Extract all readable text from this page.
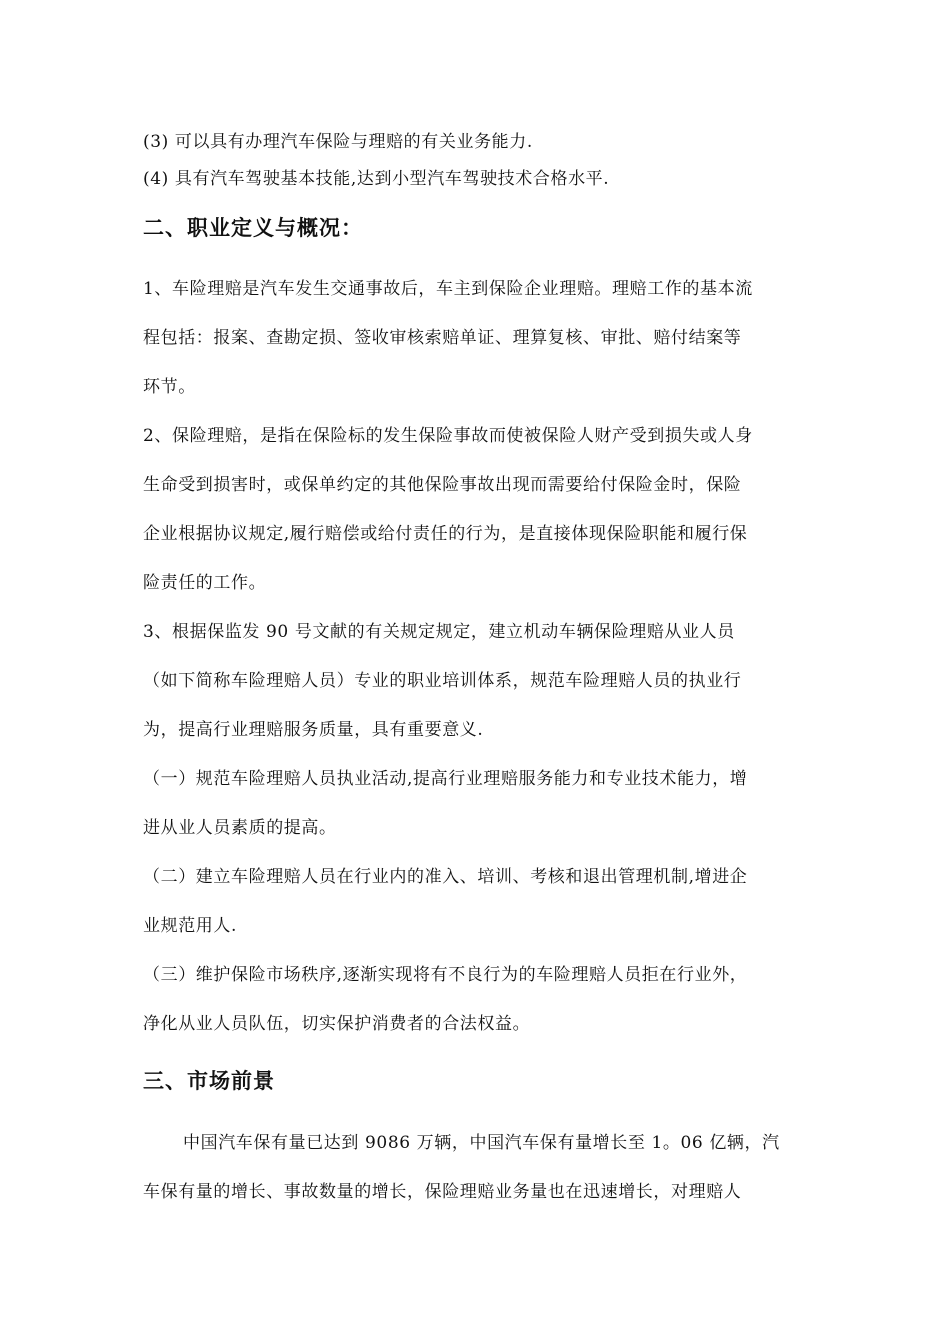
(3) 可以具有办理汽车保险与理赔的有关业务能力.
(4) 具有汽车驾驶基本技能,达到小型汽车驾驶技术合格水平.
二、职业定义与概况：
1、车险理赔是汽车发生交通事故后，车主到保险企业理赔。理赔工作的基本流
程包括：报案、查勘定损、签收审核索赔单证、理算复核、审批、赔付结案等
环节。
2、保险理赔，是指在保险标的发生保险事故而使被保险人财产受到损失或人身
生命受到损害时，或保单约定的其他保险事故出现而需要给付保险金时，保险
企业根据协议规定,履行赔偿或给付责任的行为，是直接体现保险职能和履行保
险责任的工作。
3、根据保监发 90 号文献的有关规定规定，建立机动车辆保险理赔从业人员
（如下简称车险理赔人员）专业的职业培训体系，规范车险理赔人员的执业行
为，提高行业理赔服务质量，具有重要意义.
（一）规范车险理赔人员执业活动,提高行业理赔服务能力和专业技术能力，增
进从业人员素质的提高。
（二）建立车险理赔人员在行业内的准入、培训、考核和退出管理机制,增进企
业规范用人.
（三）维护保险市场秩序,逐渐实现将有不良行为的车险理赔人员拒在行业外，
净化从业人员队伍，切实保护消费者的合法权益。
三、市场前景
中国汽车保有量已达到 9086 万辆，中国汽车保有量增长至 1。06 亿辆，汽
车保有量的增长、事故数量的增长，保险理赔业务量也在迅速增长，对理赔人
